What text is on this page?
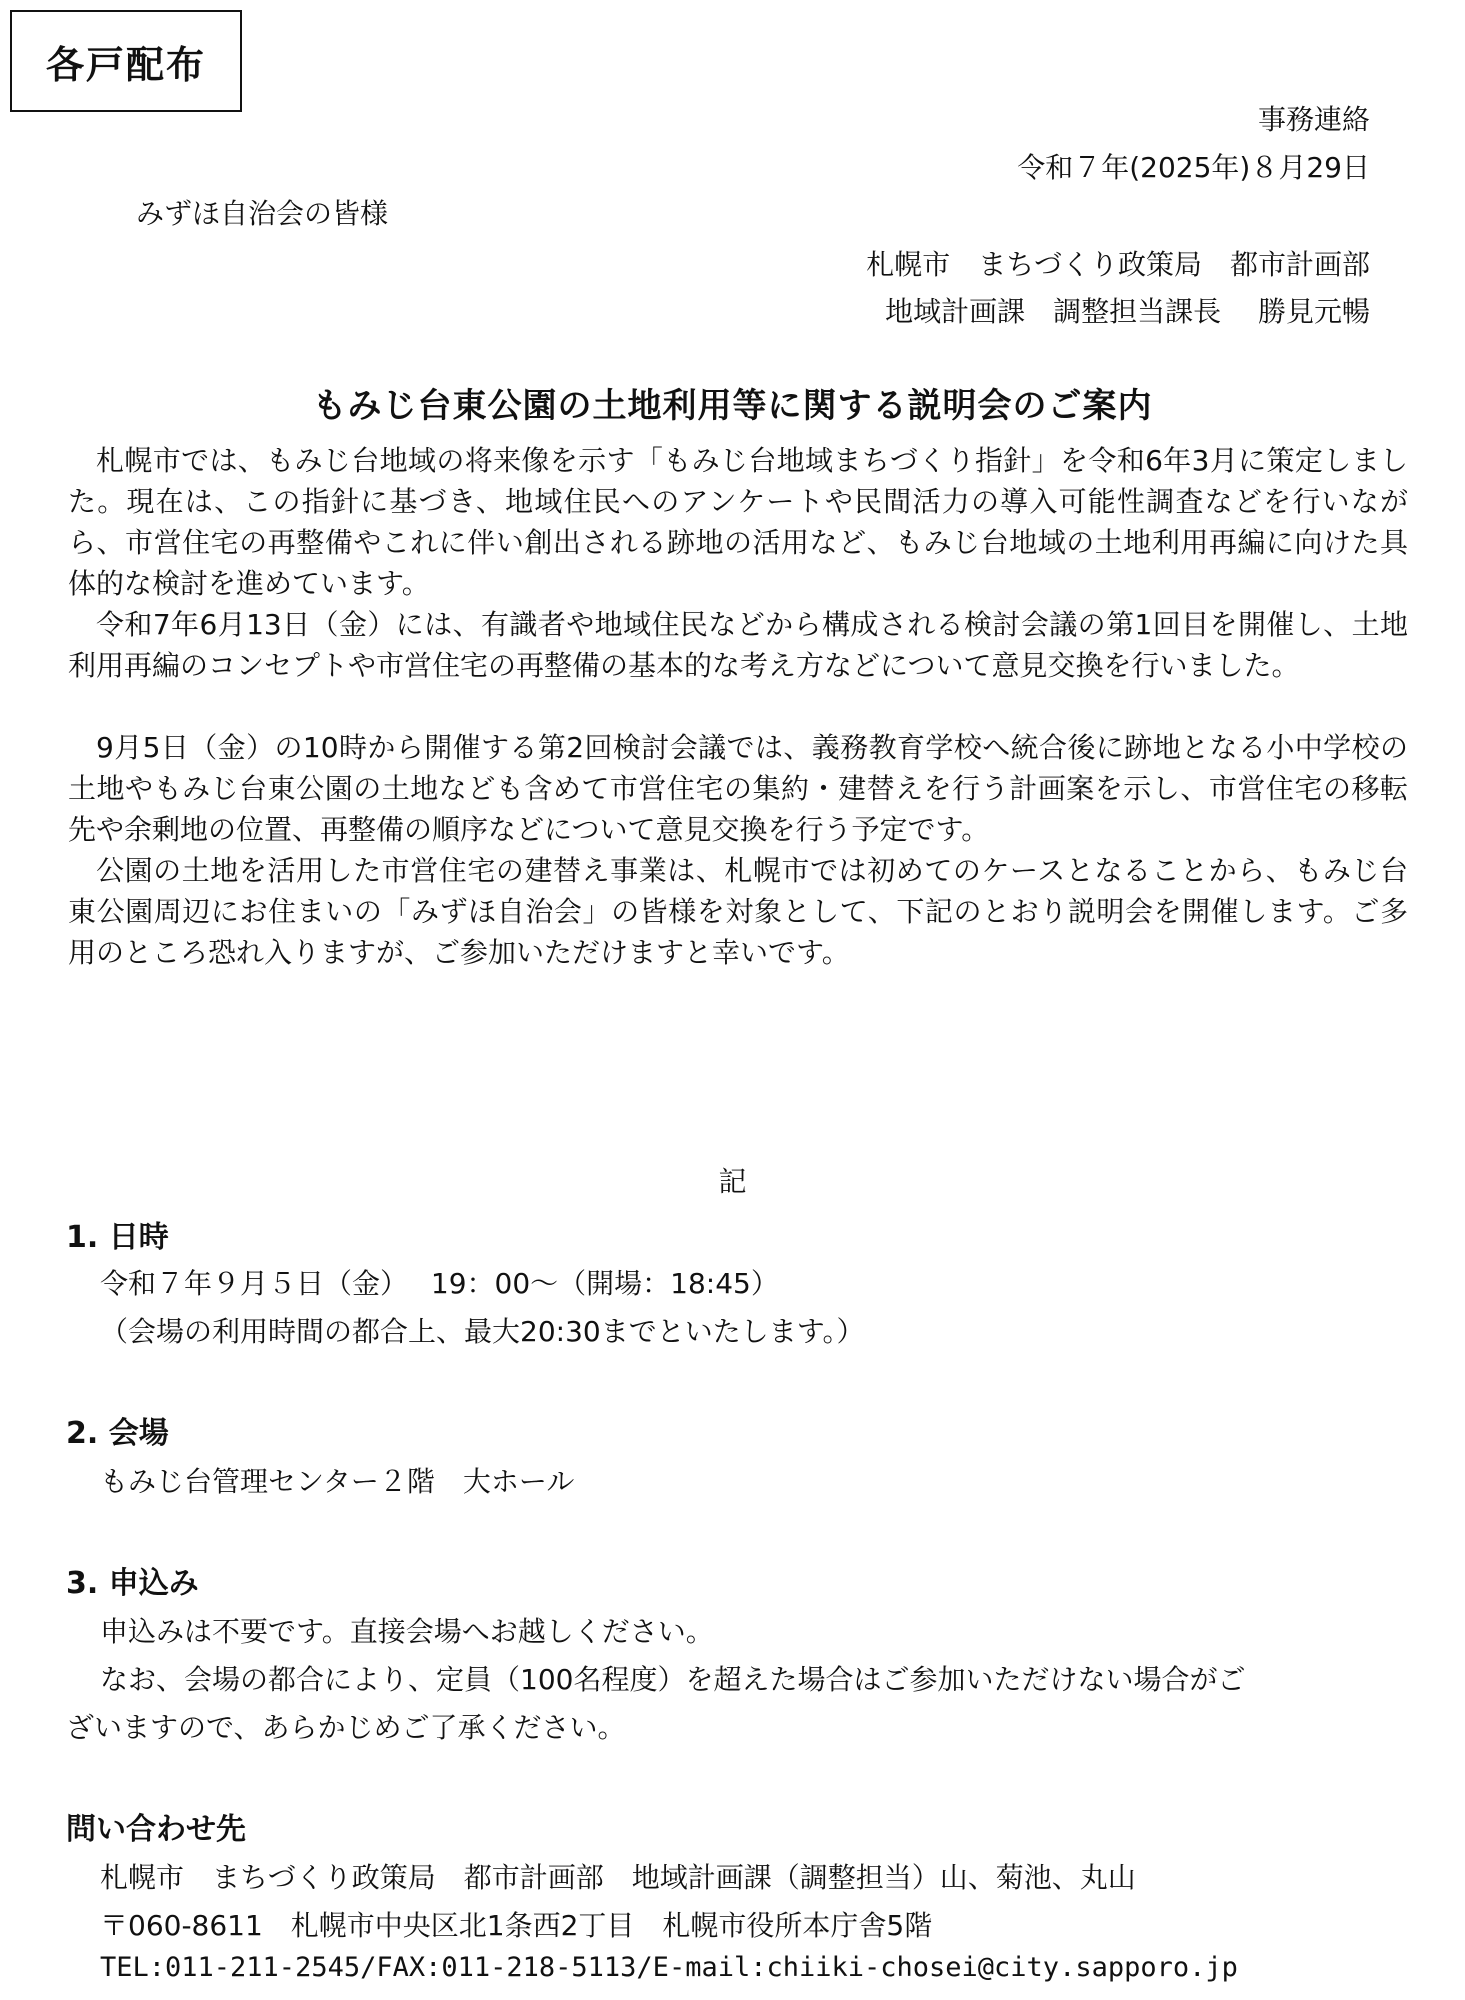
各戸配布
事務連絡
令和７年(2025年)８月29日
みずほ自治会の皆様
札幌市　まちづくり政策局　都市計画部
地域計画課　調整担当課長　 勝見元暢
もみじ台東公園の土地利用等に関する説明会のご案内

札幌市では、もみじ台地域の将来像を示す「もみじ台地域まちづくり指針」を令和6年3月に策定しました。現在は、この指針に基づき、地域住民へのアンケートや民間活力の導入可能性調査などを行いながら、市営住宅の再整備やこれに伴い創出される跡地の活用など、もみじ台地域の土地利用再編に向けた具体的な検討を進めています。

令和7年6月13日（金）には、有識者や地域住民などから構成される検討会議の第1回目を開催し、土地利用再編のコンセプトや市営住宅の再整備の基本的な考え方などについて意見交換を行いました。

9月5日（金）の10時から開催する第2回検討会議では、義務教育学校へ統合後に跡地となる小中学校の土地やもみじ台東公園の土地なども含めて市営住宅の集約・建替えを行う計画案を示し、市営住宅の移転先や余剰地の位置、再整備の順序などについて意見交換を行う予定です。

公園の土地を活用した市営住宅の建替え事業は、札幌市では初めてのケースとなることから、もみじ台東公園周辺にお住まいの「みずほ自治会」の皆様を対象として、下記のとおり説明会を開催します。ご多用のところ恐れ入りますが、ご参加いただけますと幸いです。

記
1. 日時
令和７年９月５日（金）　 19：00～（開場：18:45）
（会場の利用時間の都合上、最大20:30までといたします。）
2. 会場
もみじ台管理センター２階　大ホール
3. 申込み
申込みは不要です。直接会場へお越しください。
なお、会場の都合により、定員（100名程度）を超えた場合はご参加いただけない場合がご
ざいますので、あらかじめご了承ください。
問い合わせ先
札幌市　まちづくり政策局　都市計画部　地域計画課（調整担当）山、菊池、丸山
〒060-8611　札幌市中央区北1条西2丁目　札幌市役所本庁舎5階
TEL:011-211-2545/FAX:011-218-5113/E-mail:chiiki-chosei@city.sapporo.jp
